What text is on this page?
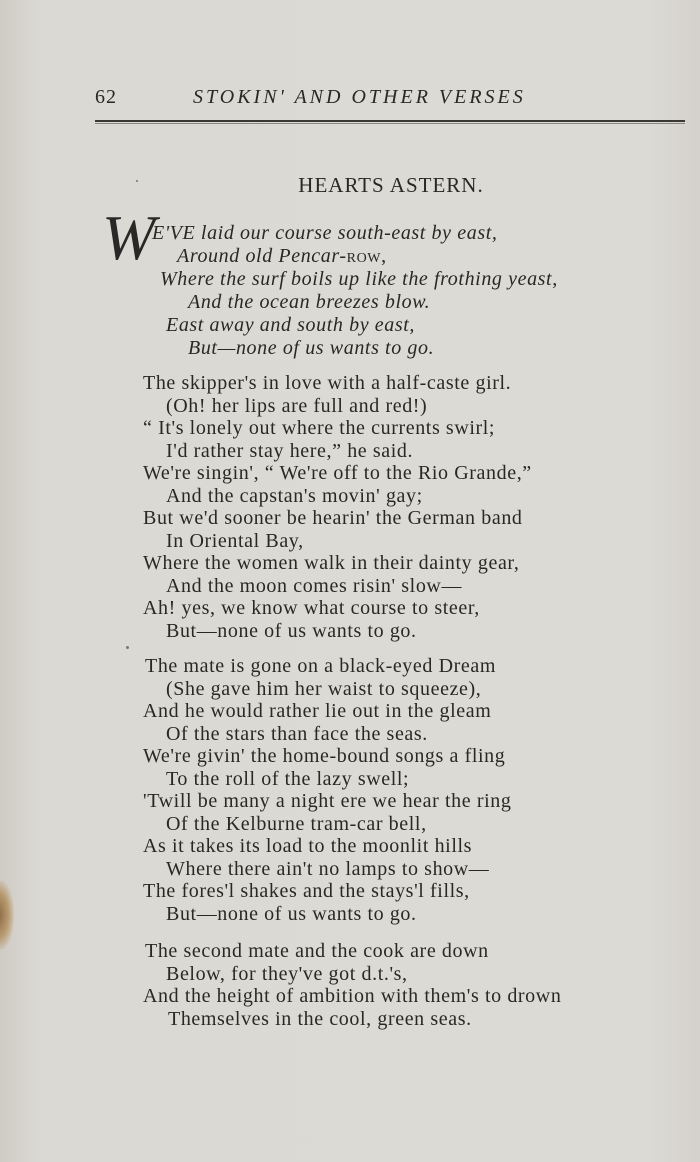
62	STOKIN' AND OTHER VERSES
HEARTS ASTERN.
W
E'VE laid our course south-east by east,
Around old Pencar-row,
Where the surf boils up like the frothing yeast,
And the ocean breezes blow.
East away and south by east,
But—none of us wants to go.
The skipper's in love with a half-caste girl.
(Oh! her lips are full and red!)
“ It's lonely out where the currents swirl;
I'd rather stay here,” he said.
We're singin', “ We're off to the Rio Grande,”
And the capstan's movin' gay;
But we'd sooner be hearin' the German band
In Oriental Bay,
Where the women walk in their dainty gear,
And the moon comes risin' slow—
Ah! yes, we know what course to steer,
But—none of us wants to go.
The mate is gone on a black-eyed Dream
(She gave him her waist to squeeze),
And he would rather lie out in the gleam
Of the stars than face the seas.
We're givin' the home-bound songs a fling
To the roll of the lazy swell;
'Twill be many a night ere we hear the ring
Of the Kelburne tram-car bell,
As it takes its load to the moonlit hills
Where there ain't no lamps to show—
The fores'l shakes and the stays'l fills,
But—none of us wants to go.
The second mate and the cook are down
Below, for they've got d.t.'s,
And the height of ambition with them's to drown
Themselves in the cool, green seas.
